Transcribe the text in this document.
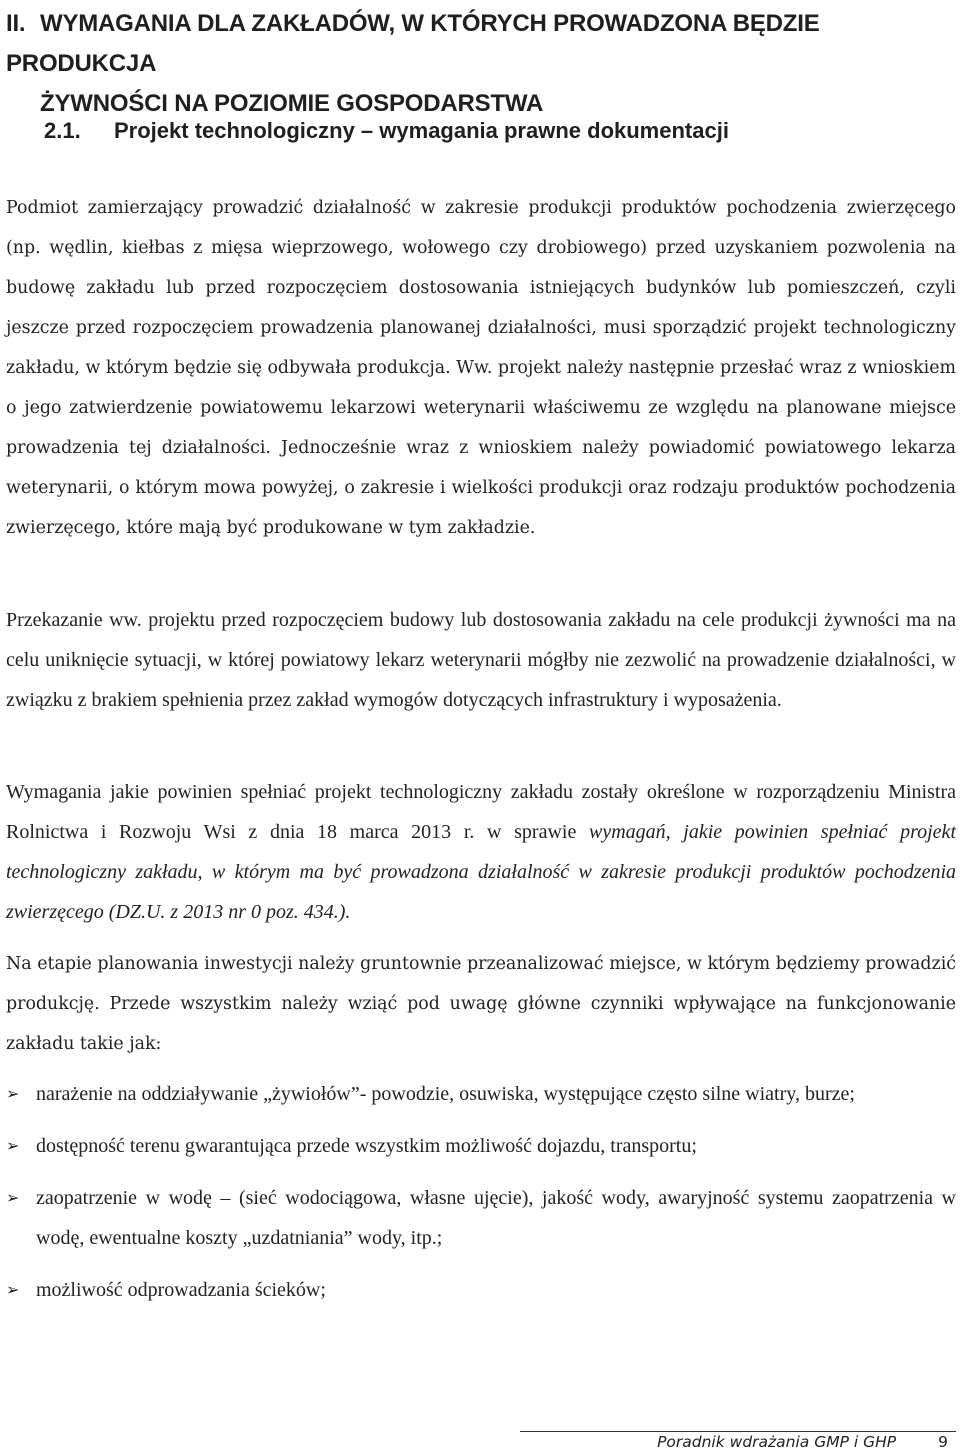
II. WYMAGANIA DLA ZAKŁADÓW, W KTÓRYCH PROWADZONA BĘDZIE PRODUKCJA
ŻYWNOŚCI NA POZIOMIE GOSPODARSTWA
2.1. Projekt technologiczny – wymagania prawne dokumentacji

Podmiot zamierzający prowadzić działalność w zakresie produkcji produktów pochodzenia zwierzęcego (np. wędlin, kiełbas z mięsa wieprzowego, wołowego czy drobiowego) przed uzyskaniem pozwolenia na budowę zakładu lub przed rozpoczęciem dostosowania istniejących budynków lub pomieszczeń, czyli jeszcze przed rozpoczęciem prowadzenia planowanej działalności, musi sporządzić projekt technologiczny zakładu, w którym będzie się odbywała produkcja. Ww. projekt należy następnie przesłać wraz z wnioskiem o jego zatwierdzenie powiatowemu lekarzowi weterynarii właściwemu ze względu na planowane miejsce prowadzenia tej działalności. Jednocześnie wraz z wnioskiem należy powiadomić powiatowego lekarza weterynarii, o którym mowa powyżej, o zakresie i wielkości produkcji oraz rodzaju produktów pochodzenia zwierzęcego, które mają być produkowane w tym zakładzie.

Przekazanie ww. projektu przed rozpoczęciem budowy lub dostosowania zakładu na cele produkcji żywności ma na celu uniknięcie sytuacji, w której powiatowy lekarz weterynarii mógłby nie zezwolić na prowadzenie działalności, w związku z brakiem spełnienia przez zakład wymogów dotyczących infrastruktury i wyposażenia.

Wymagania jakie powinien spełniać projekt technologiczny zakładu zostały określone w rozporządzeniu Ministra Rolnictwa i Rozwoju Wsi z dnia 18 marca 2013 r. w sprawie wymagań, jakie powinien spełniać projekt technologiczny zakładu, w którym ma być prowadzona działalność w zakresie produkcji produktów pochodzenia zwierzęcego (DZ.U. z 2013 nr 0 poz. 434.).

Na etapie planowania inwestycji należy gruntownie przeanalizować miejsce, w którym będziemy prowadzić produkcję. Przede wszystkim należy wziąć pod uwagę główne czynniki wpływające na funkcjonowanie zakładu takie jak:

➢ narażenie na oddziaływanie „żywiołów”- powodzie, osuwiska, występujące często silne wiatry, burze;
➢ dostępność terenu gwarantująca przede wszystkim możliwość dojazdu, transportu;
➢ zaopatrzenie w wodę – (sieć wodociągowa, własne ujęcie), jakość wody, awaryjność systemu zaopatrzenia w wodę, ewentualne koszty „uzdatniania” wody, itp.;
➢ możliwość odprowadzania ścieków;
Poradnik wdrażania GMP i GHP	9
